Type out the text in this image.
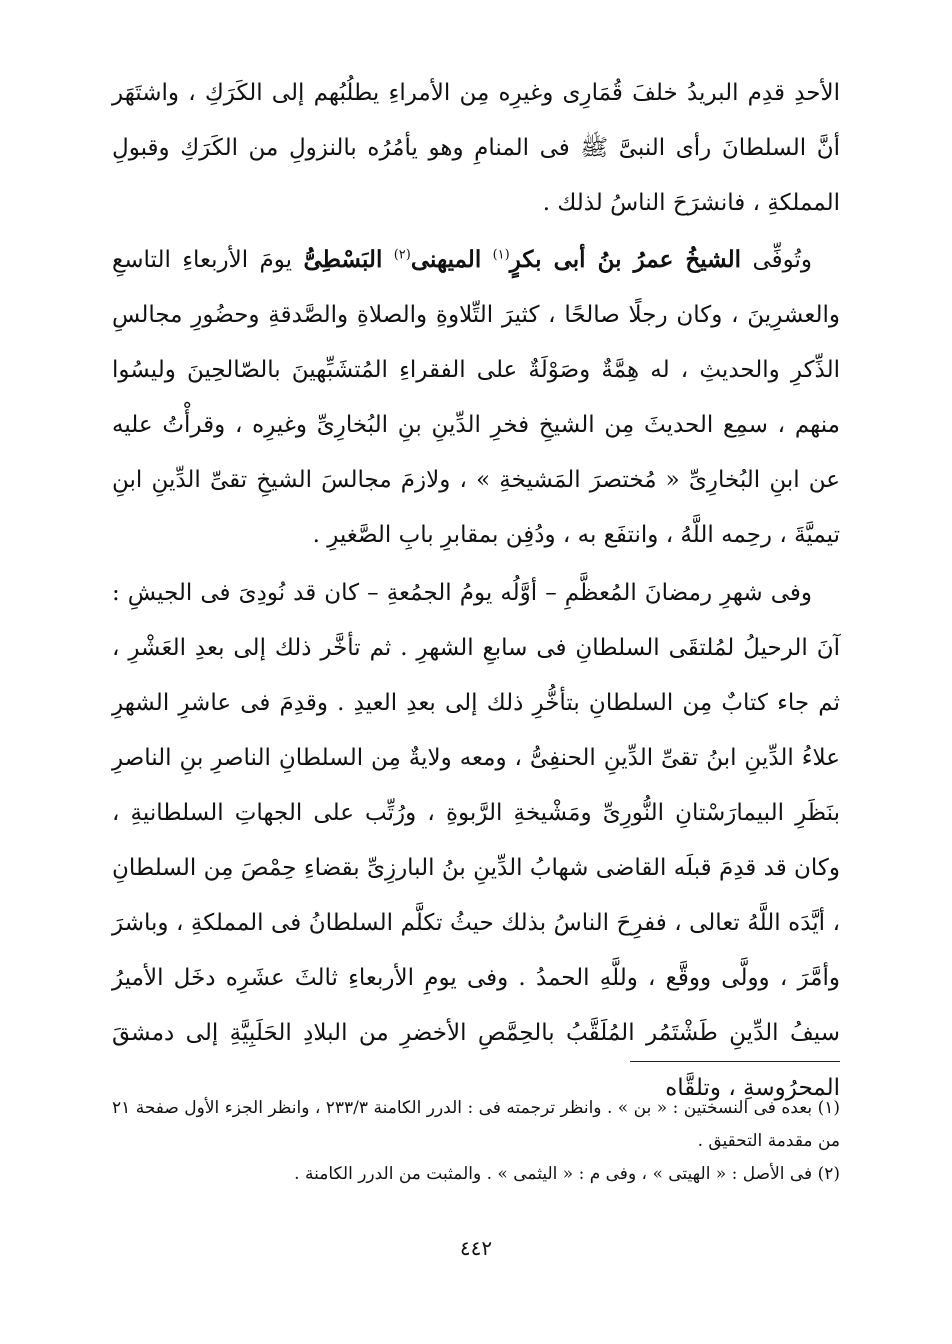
الأحدِ قدِم البريدُ خلفَ قُمَارِى وغيرِه مِن الأمراءِ يطلُبُهم إلى الكَرَكِ ، واشتَهَر أنَّ السلطانَ رأى النبىَّ ﷺ فى المنامِ وهو يأمُرُه بالنزولِ من الكَرَكِ وقبولِ المملكةِ ، فانشرَحَ الناسُ لذلك .

وتُوفِّى الشيخُ عمرُ بنُ أبى بكرٍ$^{(١)}$ الميهنى$^{(٢)}$ البَسْطِىُّ يومَ الأربعاءِ التاسعِ والعشرِينَ ، وكان رجلًا صالحًا ، كثيرَ التِّلاوةِ والصلاةِ والصَّدقةِ وحضُورِ مجالسِ الذِّكرِ والحديثِ ، له هِمَّةٌ وصَوْلَةٌ على الفقراءِ المُتشَبِّهينَ بالصّالحِينَ وليسُوا منهم ، سمِع الحديثَ مِن الشيخِ فخرِ الدِّينِ بنِ البُخارِىِّ وغيرِه ، وقرأْتُ عليه عن ابنِ البُخارِىِّ « مُختصرَ المَشيخةِ » ، ولازمَ مجالسَ الشيخِ تقىِّ الدِّينِ ابنِ تيميَّةَ ، رحِمه اللَّهُ ، وانتفَع به ، ودُفِن بمقابرِ بابِ الصَّغيرِ .

وفى شهرِ رمضانَ المُعظَّمِ – أوَّلُه يومُ الجمُعةِ – كان قد نُودِىَ فى الجيشِ : آنَ الرحيلُ لمُلتقَى السلطانِ فى سابعِ الشهرِ . ثم تأخَّر ذلك إلى بعدِ العَشْرِ ، ثم جاء كتابٌ مِن السلطانِ بتأخُّرِ ذلك إلى بعدِ العيدِ . وقدِمَ فى عاشرِ الشهرِ علاءُ الدِّينِ ابنُ تقىِّ الدِّينِ الحنفِىُّ ، ومعه ولايةٌ مِن السلطانِ الناصرِ بنِ الناصرِ بنَظَرِ البيمارَسْتانِ النُّورِىِّ ومَشْيخةِ الرَّبوةِ ، ورُتِّب على الجهاتِ السلطانيةِ ، وكان قد قدِمَ قبلَه القاضى شهابُ الدِّينِ بنُ البارزِىِّ بقضاءِ حِمْصَ مِن السلطانِ ، أيَّدَه اللَّهُ تعالى ، ففرِحَ الناسُ بذلك حيثُ تكلَّم السلطانُ فى المملكةِ ، وباشرَ وأمَّرَ ، وولَّى ووقَّع ، وللَّهِ الحمدُ . وفى يومِ الأربعاءِ ثالثَ عشَرِه دخَل الأميرُ سيفُ الدِّينِ طَشْتَمُر المُلَقَّبُ بالحِمَّصِ الأخضرِ من البلادِ الحَلَبِيَّةِ إلى دمشقَ المحرُوسةِ ، وتلقَّاه

(١) بعده فى النسختين : « بن » . وانظر ترجمته فى : الدرر الكامنة ٢٣٣/٣ ، وانظر الجزء الأول صفحة ٢١ من مقدمة التحقيق .

(٢) فى الأصل : « الهيتى » ، وفى م : « اليثمى » . والمثبت من الدرر الكامنة .

٤٤٢
